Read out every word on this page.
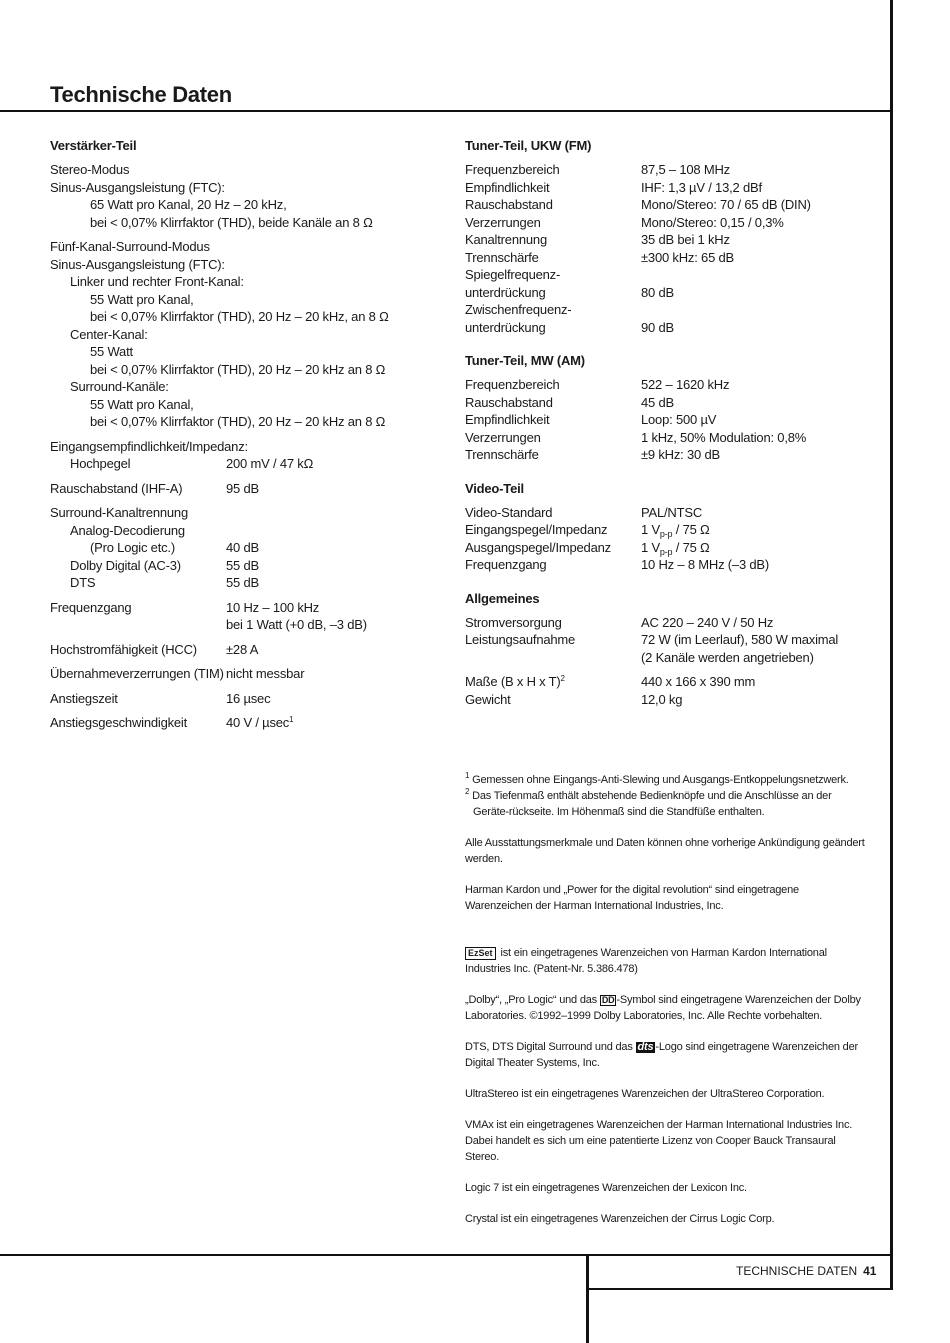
Technische Daten
Verstärker-Teil
Stereo-Modus
Sinus-Ausgangsleistung (FTC):
65 Watt pro Kanal, 20 Hz – 20 kHz,
bei < 0,07% Klirrfaktor (THD), beide Kanäle an 8 Ω
Fünf-Kanal-Surround-Modus
Sinus-Ausgangsleistung (FTC):
Linker und rechter Front-Kanal:
55 Watt pro Kanal,
bei < 0,07% Klirrfaktor (THD), 20 Hz – 20 kHz, an 8 Ω
Center-Kanal:
55 Watt
bei < 0,07% Klirrfaktor (THD), 20 Hz – 20 kHz an 8 Ω
Surround-Kanäle:
55 Watt pro Kanal,
bei < 0,07% Klirrfaktor (THD), 20 Hz – 20 kHz an 8 Ω
Eingangsempfindlichkeit/Impedanz:
Hochpegel	200 mV / 47 kΩ
Rauschabstand (IHF-A)	95 dB
Surround-Kanaltrennung
Analog-Decodierung
(Pro Logic etc.)	40 dB
Dolby Digital (AC-3)	55 dB
DTS	55 dB
Frequenzgang	10 Hz – 100 kHz
bei 1 Watt (+0 dB, –3 dB)
Hochstromfähigkeit (HCC)	±28 A
Übernahmeverzerrungen (TIM) nicht messbar
Anstiegszeit	16 µsec
Anstiegsgeschwindigkeit	40 V / µsec$^1$
Tuner-Teil, UKW (FM)
Frequenzbereich	87,5 – 108 MHz
Empfindlichkeit	IHF: 1,3 µV / 13,2 dBf
Rauschabstand	Mono/Stereo: 70 / 65 dB (DIN)
Verzerrungen	Mono/Stereo: 0,15 / 0,3%
Kanaltrennung	35 dB bei 1 kHz
Trennschärfe	±300 kHz: 65 dB
Spiegelfrequenz-
unterdrückung	80 dB
Zwischenfrequenz-
unterdrückung	90 dB
Tuner-Teil, MW (AM)
Frequenzbereich	522 – 1620 kHz
Rauschabstand	45 dB
Empfindlichkeit	Loop: 500 µV
Verzerrungen	1 kHz, 50% Modulation: 0,8%
Trennschärfe	±9 kHz: 30 dB
Video-Teil
Video-Standard	PAL/NTSC
Eingangspegel/Impedanz	1 $V_{p-p} / 75$ Ω
Ausgangspegel/Impedanz	1 $V_{p-p} / 75$ Ω
Frequenzgang	10 Hz – 8 MHz (–3 dB)
Allgemeines
Stromversorgung	AC 220 – 240 V / 50 Hz
Leistungsaufnahme	72 W (im Leerlauf), 580 W maximal
(2 Kanäle werden angetrieben)
Maße (B x H x T)$^2$	440 x 166 x 390 mm
Gewicht	12,0 kg

$^1$ Gemessen ohne Eingangs-Anti-Slewing und Ausgangs-Entkoppelungsnetzwerk.

$^2$ Das Tiefenmaß enthält abstehende Bedienknöpfe und die Anschlüsse an der Geräte-rückseite. Im Höhenmaß sind die Standfüße enthalten.

Alle Ausstattungsmerkmale und Daten können ohne vorherige Ankündigung geändert werden.

Harman Kardon und „Power for the digital revolution“ sind eingetragene Warenzeichen der Harman International Industries, Inc.

EzSet ist ein eingetragenes Warenzeichen von Harman Kardon International Industries Inc. (Patent-Nr. 5.386.478)

„Dolby“, „Pro Logic“ und das DD -Symbol sind eingetragene Warenzeichen der Dolby Laboratories. ©1992–1999 Dolby Laboratories, Inc. Alle Rechte vorbehalten.

DTS, DTS Digital Surround und das dts -Logo sind eingetragene Warenzeichen der Digital Theater Systems, Inc.

UltraStereo ist ein eingetragenes Warenzeichen der UltraStereo Corporation.

VMAx ist ein eingetragenes Warenzeichen der Harman International Industries Inc. Dabei handelt es sich um eine patentierte Lizenz von Cooper Bauck Transaural Stereo.

Logic 7 ist ein eingetragenes Warenzeichen der Lexicon Inc.

Crystal ist ein eingetragenes Warenzeichen der Cirrus Logic Corp.

TECHNISCHE DATEN 41
